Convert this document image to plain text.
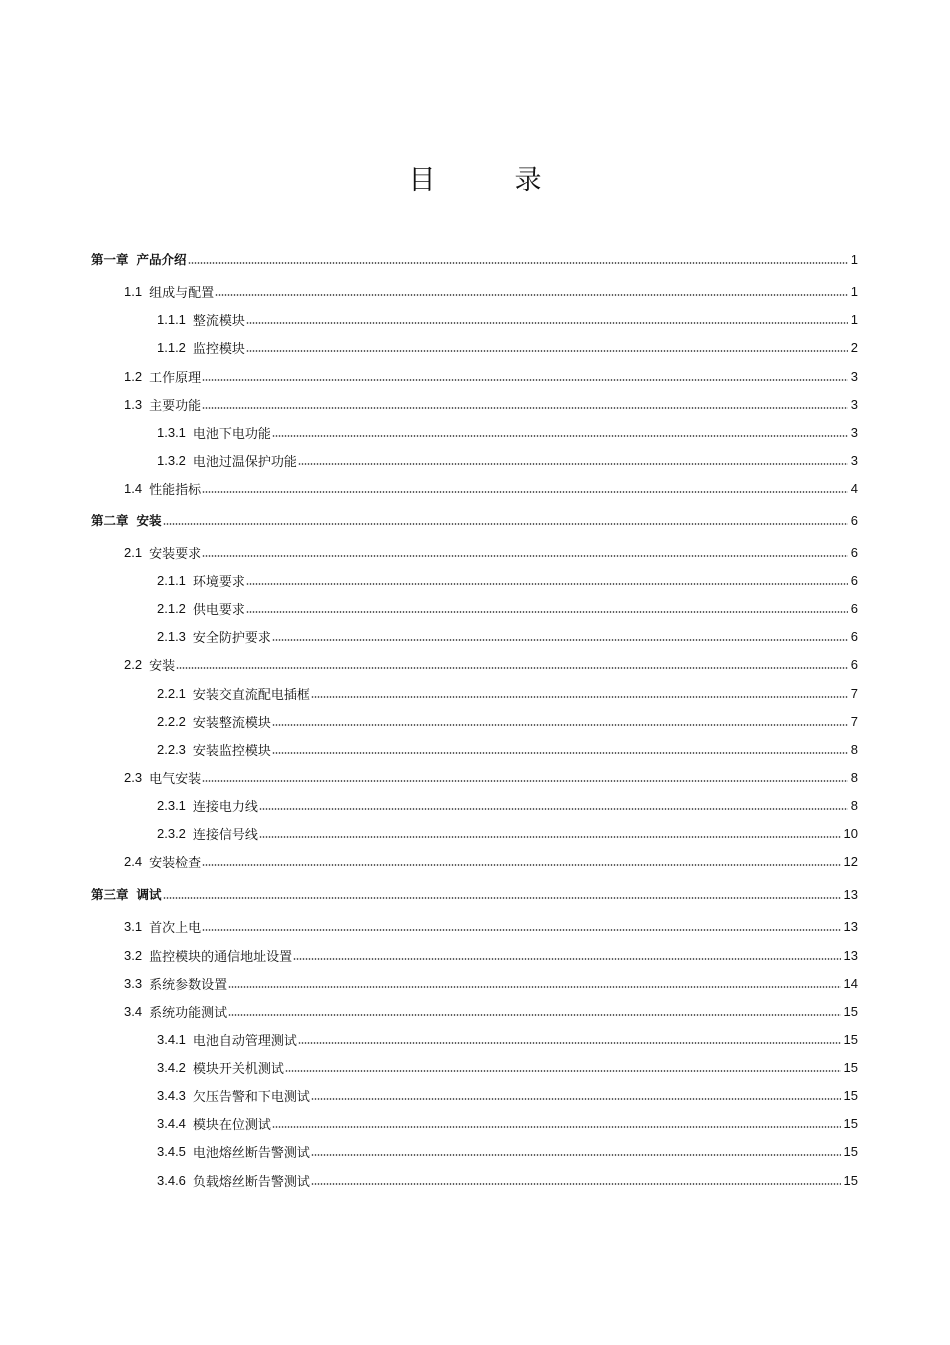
目　录
第一章 产品介绍	1
1.1 组成与配置	1
1.1.1 整流模块	1
1.1.2 监控模块	2
1.2 工作原理	3
1.3 主要功能	3
1.3.1 电池下电功能	3
1.3.2 电池过温保护功能	3
1.4 性能指标	4
第二章 安装	6
2.1 安装要求	6
2.1.1 环境要求	6
2.1.2 供电要求	6
2.1.3 安全防护要求	6
2.2 安装	6
2.2.1 安装交直流配电插框	7
2.2.2 安装整流模块	7
2.2.3 安装监控模块	8
2.3 电气安装	8
2.3.1 连接电力线	8
2.3.2 连接信号线	10
2.4 安装检查	12
第三章 调试	13
3.1 首次上电	13
3.2 监控模块的通信地址设置	13
3.3 系统参数设置	14
3.4 系统功能测试	15
3.4.1 电池自动管理测试	15
3.4.2 模块开关机测试	15
3.4.3 欠压告警和下电测试	15
3.4.4 模块在位测试	15
3.4.5 电池熔丝断告警测试	15
3.4.6 负载熔丝断告警测试	15
